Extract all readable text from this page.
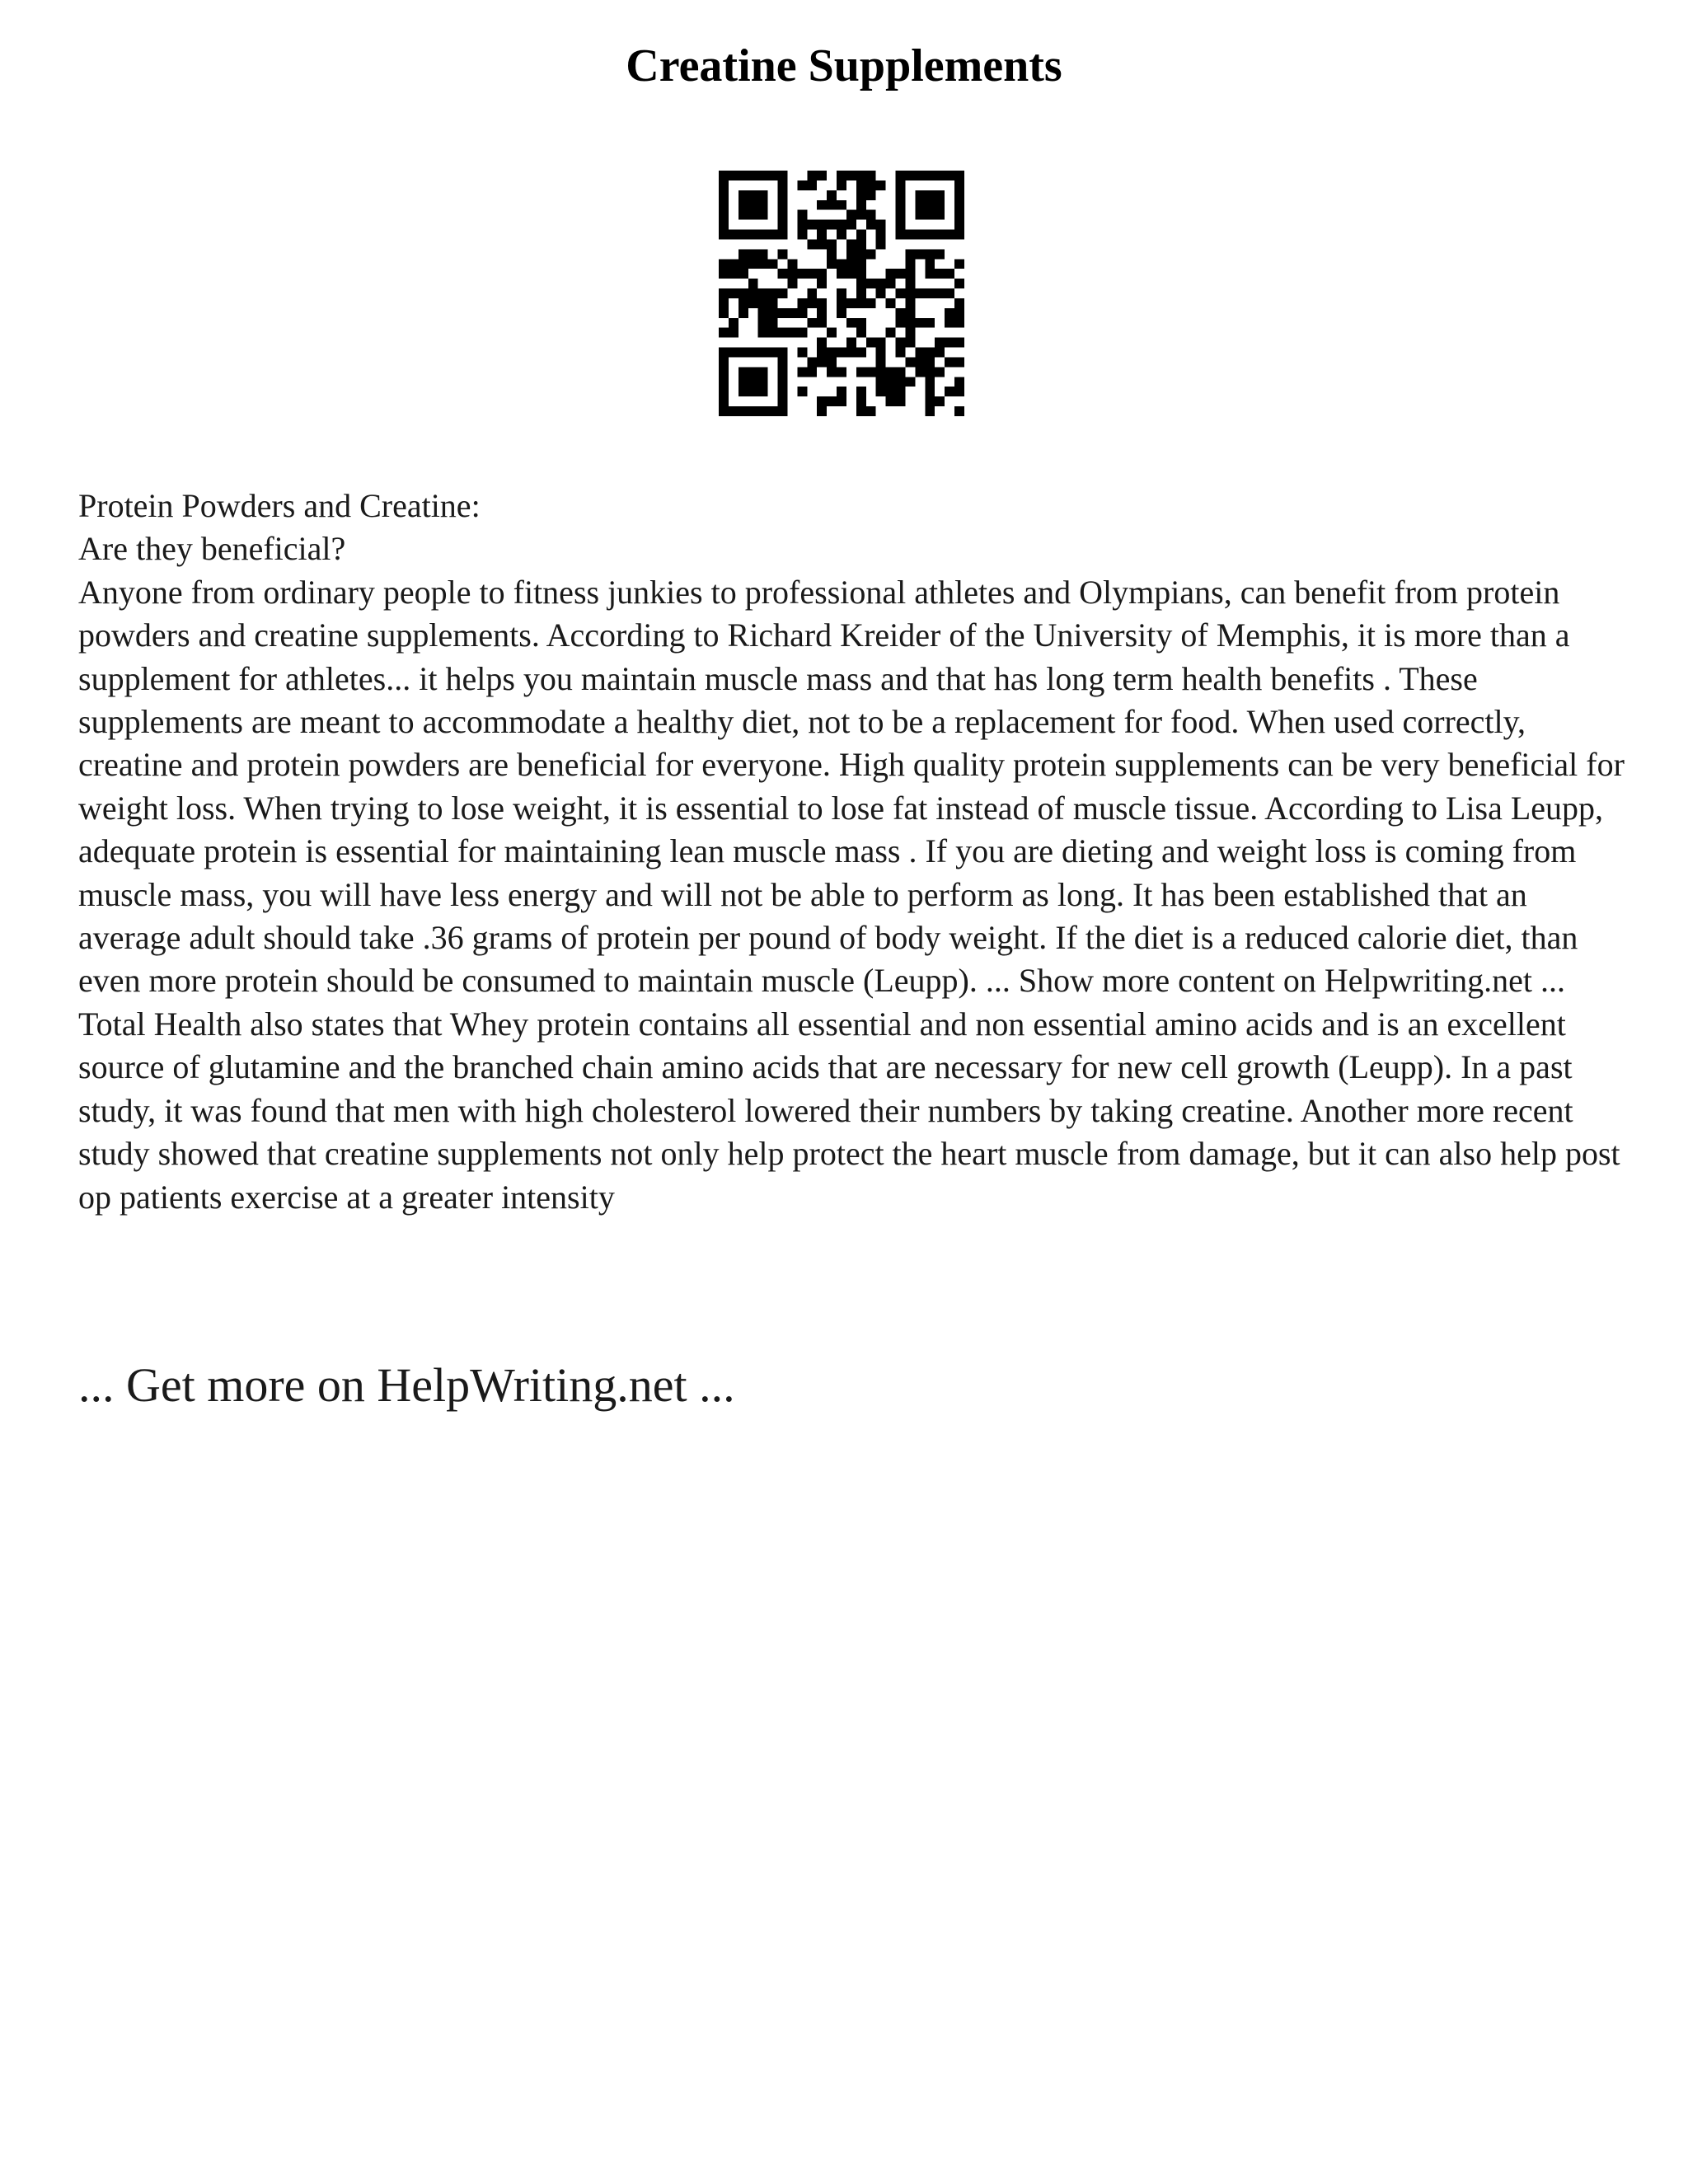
Creatine Supplements

Protein Powders and Creatine:

Are they beneficial?

Anyone from ordinary people to fitness junkies to professional athletes and Olympians, can benefit from protein powders and creatine supplements. According to Richard Kreider of the University of Memphis, it is more than a supplement for athletes... it helps you maintain muscle mass and that has long term health benefits . These supplements are meant to accommodate a healthy diet, not to be a replacement for food. When used correctly, creatine and protein powders are beneficial for everyone. High quality protein supplements can be very beneficial for weight loss. When trying to lose weight, it is essential to lose fat instead of muscle tissue. According to Lisa Leupp, adequate protein is essential for maintaining lean muscle mass . If you are dieting and weight loss is coming from muscle mass, you will have less energy and will not be able to perform as long. It has been established that an average adult should take .36 grams of protein per pound of body weight. If the diet is a reduced calorie diet, than even more protein should be consumed to maintain muscle (Leupp). ... Show more content on Helpwriting.net ...

Total Health also states that Whey protein contains all essential and non essential amino acids and is an excellent source of glutamine and the branched chain amino acids that are necessary for new cell growth (Leupp). In a past study, it was found that men with high cholesterol lowered their numbers by taking creatine. Another more recent study showed that creatine supplements not only help protect the heart muscle from damage, but it can also help post op patients exercise at a greater intensity

... Get more on HelpWriting.net ...
